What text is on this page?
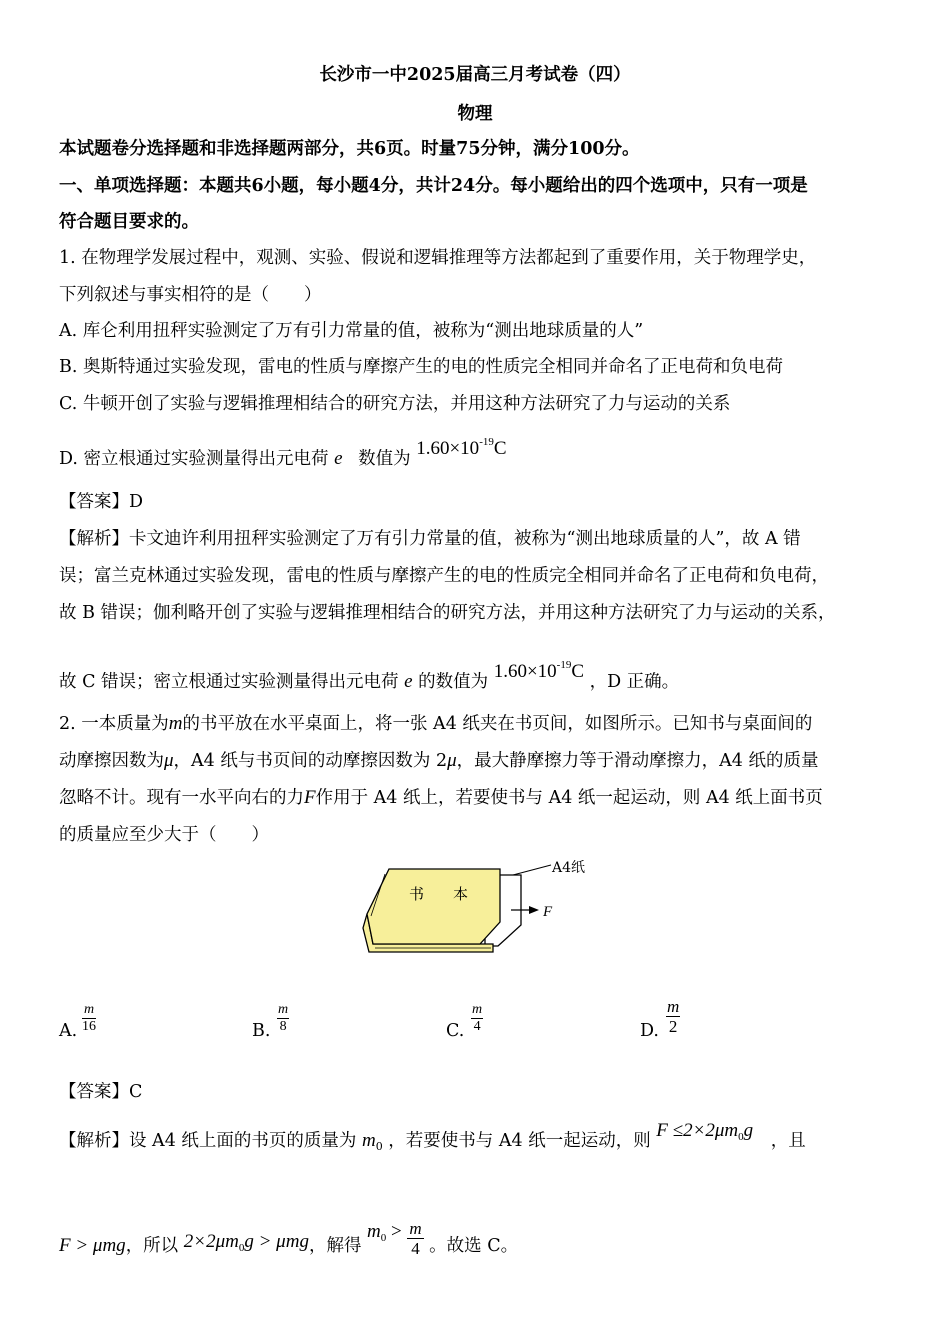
长沙市一中2025届高三月考试卷（四）
物理
本试题卷分选择题和非选择题两部分，共6页。时量75分钟，满分100分。
一、单项选择题：本题共6小题，每小题4分，共计24分。每小题给出的四个选项中，只有一项是
符合题目要求的。
1. 在物理学发展过程中，观测、实验、假说和逻辑推理等方法都起到了重要作用，关于物理学史，
下列叙述与事实相符的是（　　）
A. 库仑利用扭秤实验测定了万有引力常量的值，被称为“测出地球质量的人”
B. 奥斯特通过实验发现，雷电的性质与摩擦产生的电的性质完全相同并命名了正电荷和负电荷
C. 牛顿开创了实验与逻辑推理相结合的研究方法，并用这种方法研究了力与运动的关系
D. 密立根通过实验测量得出元电荷 e 数值为 $1.60\times 10^{-19}C$
【答案】D
【解析】卡文迪许利用扭秤实验测定了万有引力常量的值，被称为“测出地球质量的人”，故 A 错
误；富兰克林通过实验发现，雷电的性质与摩擦产生的电的性质完全相同并命名了正电荷和负电荷，
故 B 错误；伽利略开创了实验与逻辑推理相结合的研究方法，并用这种方法研究了力与运动的关系，
故 C 错误；密立根通过实验测量得出元电荷 e 的数值为 $1.60\times 10^{-19}C$ ，D 正确。
2. 一本质量为m的书平放在水平桌面上，将一张 A4 纸夹在书页间，如图所示。已知书与桌面间的
动摩擦因数为μ，A4 纸与书页间的动摩擦因数为 2μ，最大静摩擦力等于滑动摩擦力，A4 纸的质量
忽略不计。现有一水平向右的力F作用于 A4 纸上，若要使书与 A4 纸一起运动，则 A4 纸上面书页
的质量应至少大于（　　）
书 本
A4纸
F
A. $\frac{m}{16}$	B. $\frac{m}{8}$	C. $\frac{m}{4}$	D. $\frac{m}{2}$
【答案】C
【解析】设 A4 纸上面的书页的质量为 $m_0$ ，若要使书与 A4 纸一起运动，则 $F \le 2\times 2\mu m_0g$ ，且
F > μmg，所以 $2\times 2\mu m_0g > \mu mg$，解得 $m_0 > \frac{m}{4}$ 。故选 C。
